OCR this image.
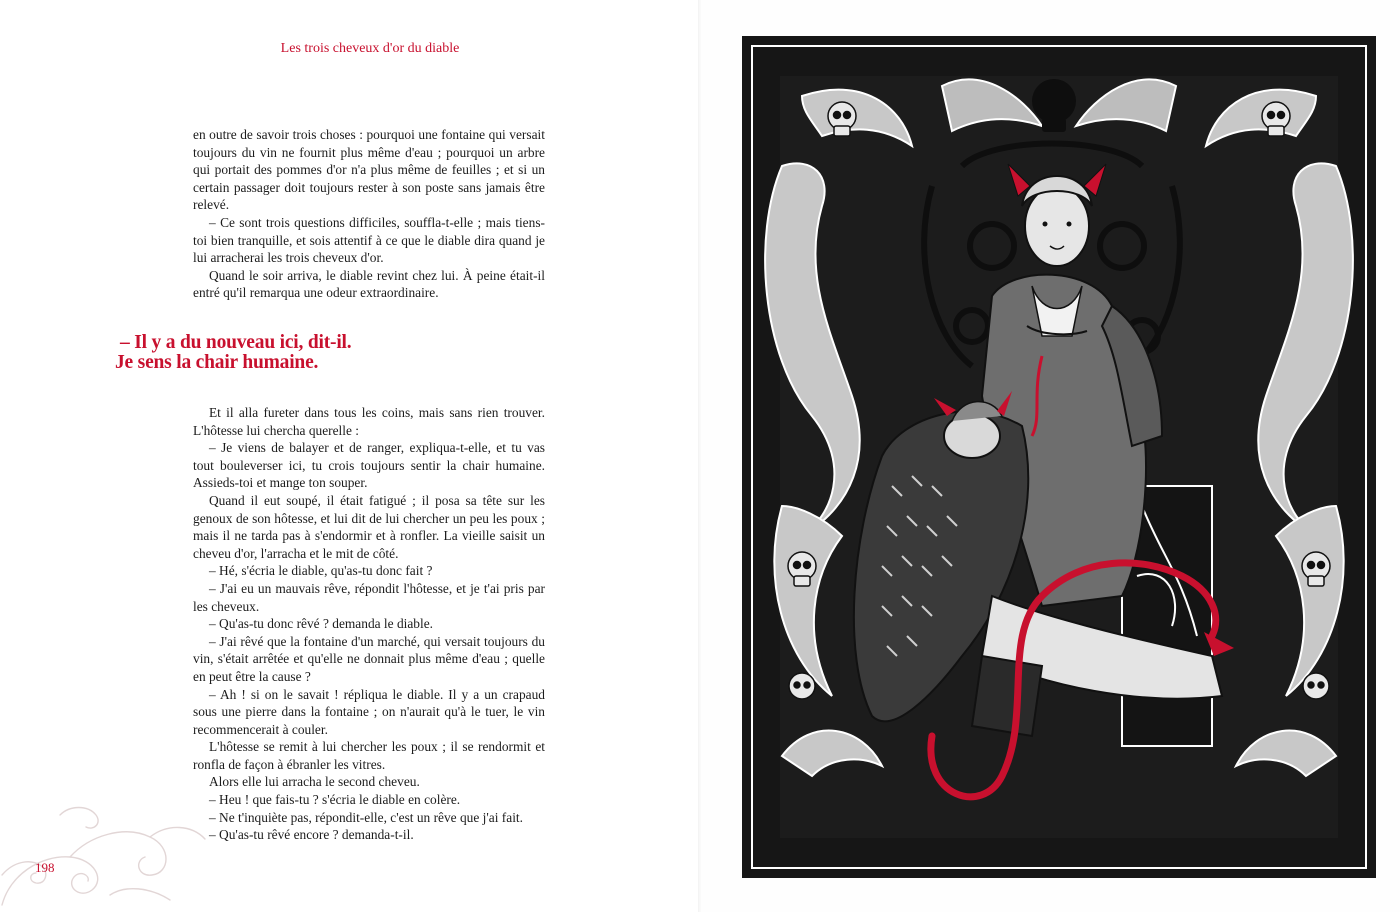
Les trois cheveux d'or du diable

en outre de savoir trois choses : pourquoi une fontaine qui versait toujours du vin ne fournit plus même d'eau ; pourquoi un arbre qui portait des pommes d'or n'a plus même de feuilles ; et si un certain passager doit toujours rester à son poste sans jamais être relevé.

– Ce sont trois questions difficiles, souffla-t-elle ; mais tiens-toi bien tranquille, et sois attentif à ce que le diable dira quand je lui arracherai les trois cheveux d'or.

Quand le soir arriva, le diable revint chez lui. À peine était-il entré qu'il remarqua une odeur extraordinaire.

– Il y a du nouveau ici, dit-il.
Je sens la chair humaine.

Et il alla fureter dans tous les coins, mais sans rien trouver. L'hôtesse lui chercha querelle :

– Je viens de balayer et de ranger, expliqua-t-elle, et tu vas tout bouleverser ici, tu crois toujours sentir la chair humaine. Assieds-toi et mange ton souper.

Quand il eut soupé, il était fatigué ; il posa sa tête sur les genoux de son hôtesse, et lui dit de lui chercher un peu les poux ; mais il ne tarda pas à s'endormir et à ronfler. La vieille saisit un cheveu d'or, l'arracha et le mit de côté.

– Hé, s'écria le diable, qu'as-tu donc fait ?

– J'ai eu un mauvais rêve, répondit l'hôtesse, et je t'ai pris par les cheveux.

– Qu'as-tu donc rêvé ? demanda le diable.

– J'ai rêvé que la fontaine d'un marché, qui versait toujours du vin, s'était arrêtée et qu'elle ne donnait plus même d'eau ; quelle en peut être la cause ?

– Ah ! si on le savait ! répliqua le diable. Il y a un crapaud sous une pierre dans la fontaine ; on n'aurait qu'à le tuer, le vin recommencerait à couler.

L'hôtesse se remit à lui chercher les poux ; il se rendormit et ronfla de façon à ébranler les vitres.

Alors elle lui arracha le second cheveu.

– Heu ! que fais-tu ? s'écria le diable en colère.

– Ne t'inquiète pas, répondit-elle, c'est un rêve que j'ai fait.

– Qu'as-tu rêvé encore ? demanda-t-il.

198
